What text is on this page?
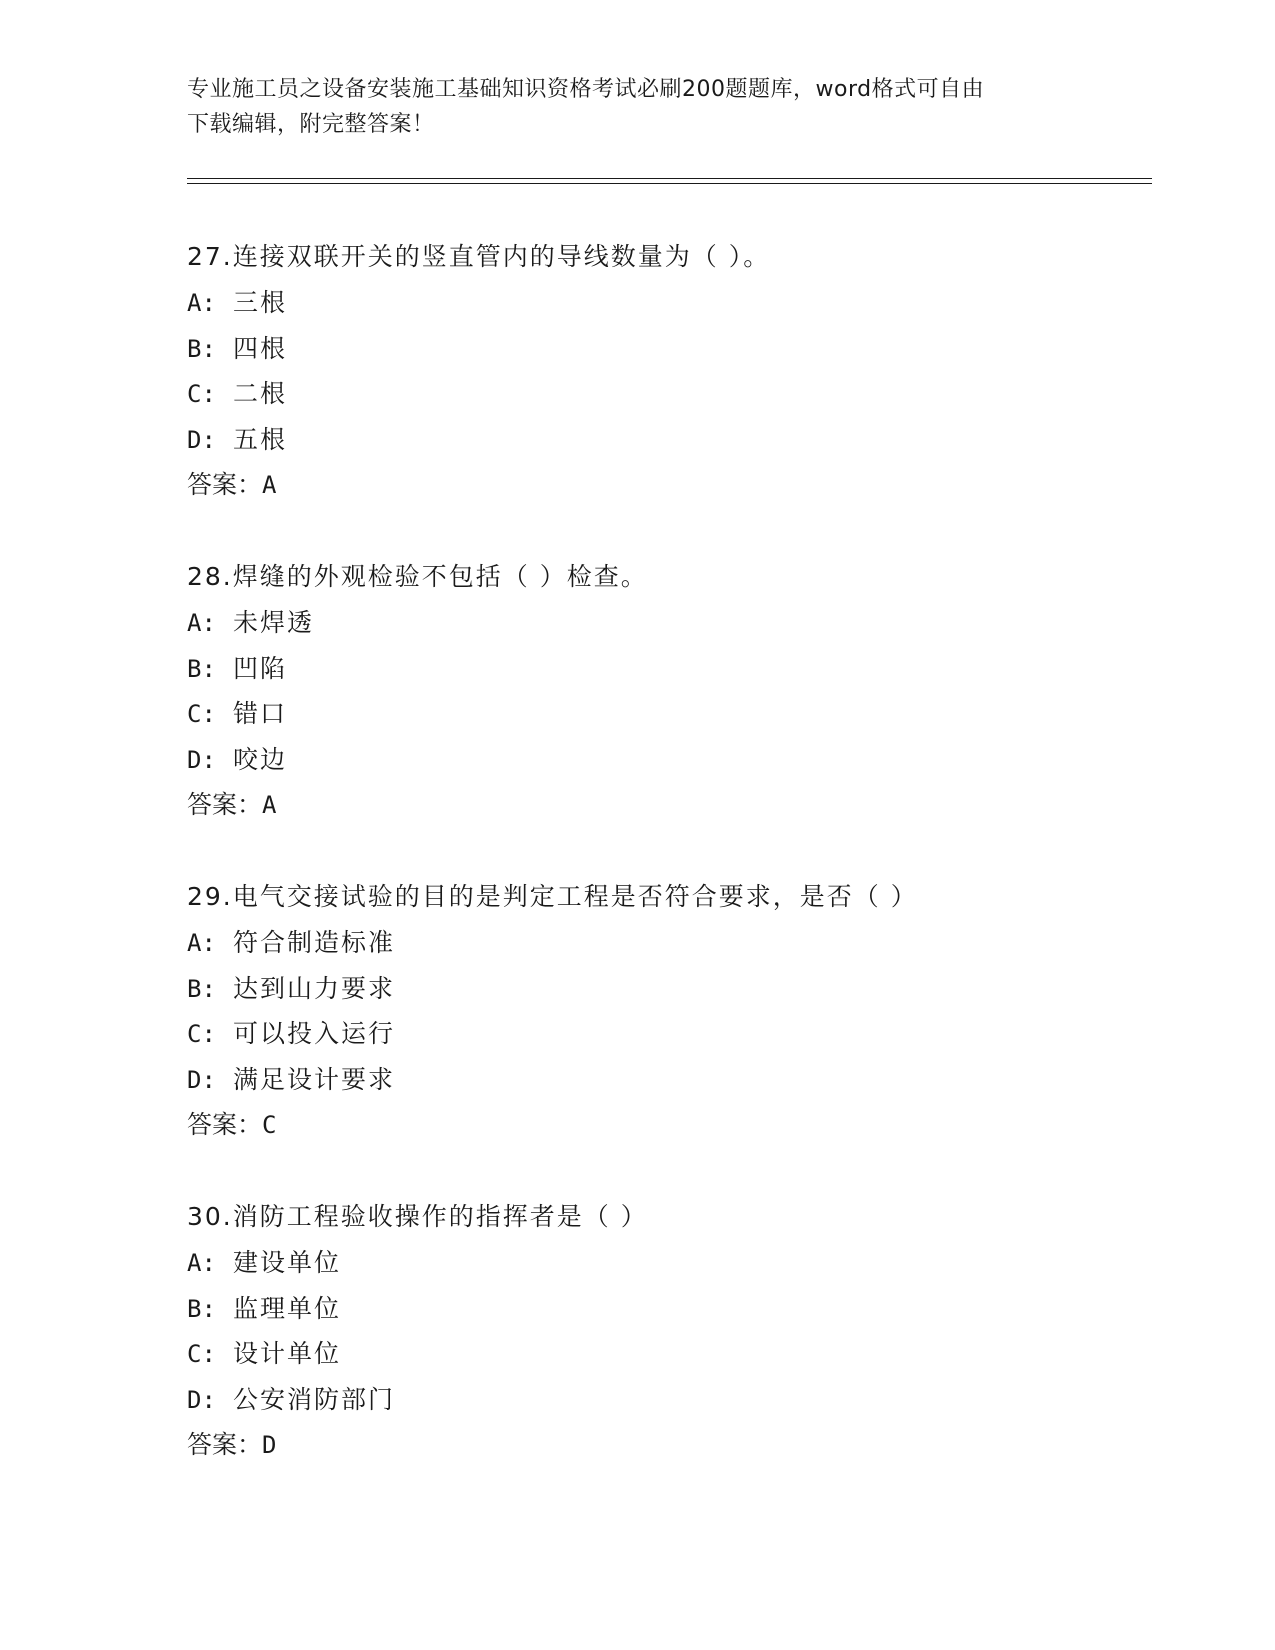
专业施工员之设备安装施工基础知识资格考试必刷200题题库，word格式可自由
下载编辑，附完整答案！
27.连接双联开关的竖直管内的导线数量为（ ）。
A: 三根
B: 四根
C: 二根
D: 五根
答案：A
28.焊缝的外观检验不包括（ ）检查。
A: 未焊透
B: 凹陷
C: 错口
D: 咬边
答案：A
29.电气交接试验的目的是判定工程是否符合要求，是否（ ）
A: 符合制造标准
B: 达到山力要求
C: 可以投入运行
D: 满足设计要求
答案：C
30.消防工程验收操作的指挥者是（ ）
A: 建设单位
B: 监理单位
C: 设计单位
D: 公安消防部门
答案：D
